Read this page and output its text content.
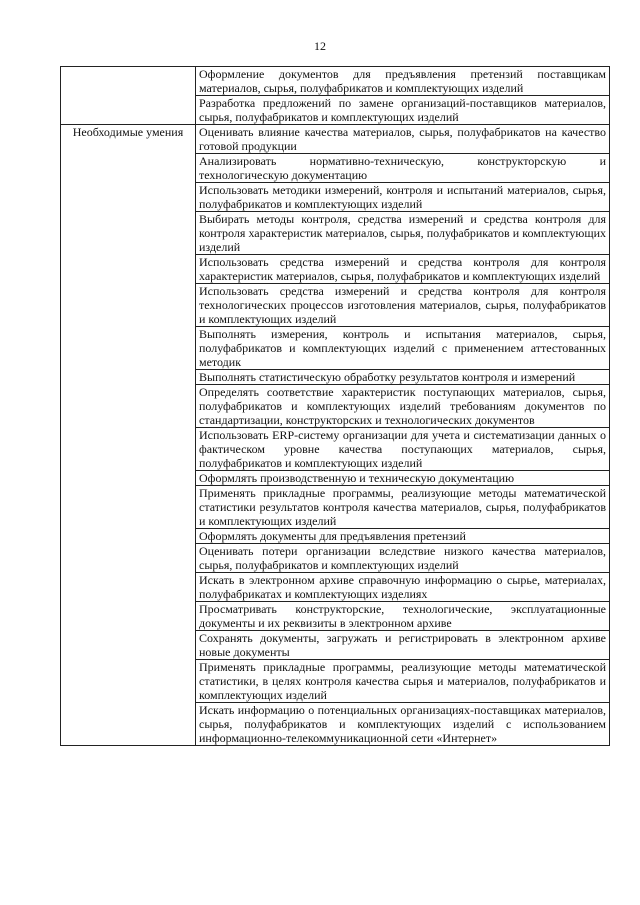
12
	Оформление документов для предъявления претензий поставщикам материалов, сырья, полуфабрикатов и комплектующих изделий
	Разработка предложений по замене организаций-поставщиков материалов, сырья, полуфабрикатов и комплектующих изделий
Необходимые умения	Оценивать влияние качества материалов, сырья, полуфабрикатов на качество готовой продукции
	Анализировать нормативно-техническую, конструкторскую и технологическую документацию
	Использовать методики измерений, контроля и испытаний материалов, сырья, полуфабрикатов и комплектующих изделий
	Выбирать методы контроля, средства измерений и средства контроля для контроля характеристик материалов, сырья, полуфабрикатов и комплектующих изделий
	Использовать средства измерений и средства контроля для контроля характеристик материалов, сырья, полуфабрикатов и комплектующих изделий
	Использовать средства измерений и средства контроля для контроля технологических процессов изготовления материалов, сырья, полуфабрикатов и комплектующих изделий
	Выполнять измерения, контроль и испытания материалов, сырья, полуфабрикатов и комплектующих изделий с применением аттестованных методик
	Выполнять статистическую обработку результатов контроля и измерений
	Определять соответствие характеристик поступающих материалов, сырья, полуфабрикатов и комплектующих изделий требованиям документов по стандартизации, конструкторских и технологических документов
	Использовать ERP-систему организации для учета и систематизации данных о фактическом уровне качества поступающих материалов, сырья, полуфабрикатов и комплектующих изделий
	Оформлять производственную и техническую документацию
	Применять прикладные программы, реализующие методы математической статистики результатов контроля качества материалов, сырья, полуфабрикатов и комплектующих изделий
	Оформлять документы для предъявления претензий
	Оценивать потери организации вследствие низкого качества материалов, сырья, полуфабрикатов и комплектующих изделий
	Искать в электронном архиве справочную информацию о сырье, материалах, полуфабрикатах и комплектующих изделиях
	Просматривать конструкторские, технологические, эксплуатационные документы и их реквизиты в электронном архиве
	Сохранять документы, загружать и регистрировать в электронном архиве новые документы
	Применять прикладные программы, реализующие методы математической статистики, в целях контроля качества сырья и материалов, полуфабрикатов и комплектующих изделий
	Искать информацию о потенциальных организациях-поставщиках материалов, сырья, полуфабрикатов и комплектующих изделий с использованием информационно-телекоммуникационной сети «Интернет»
